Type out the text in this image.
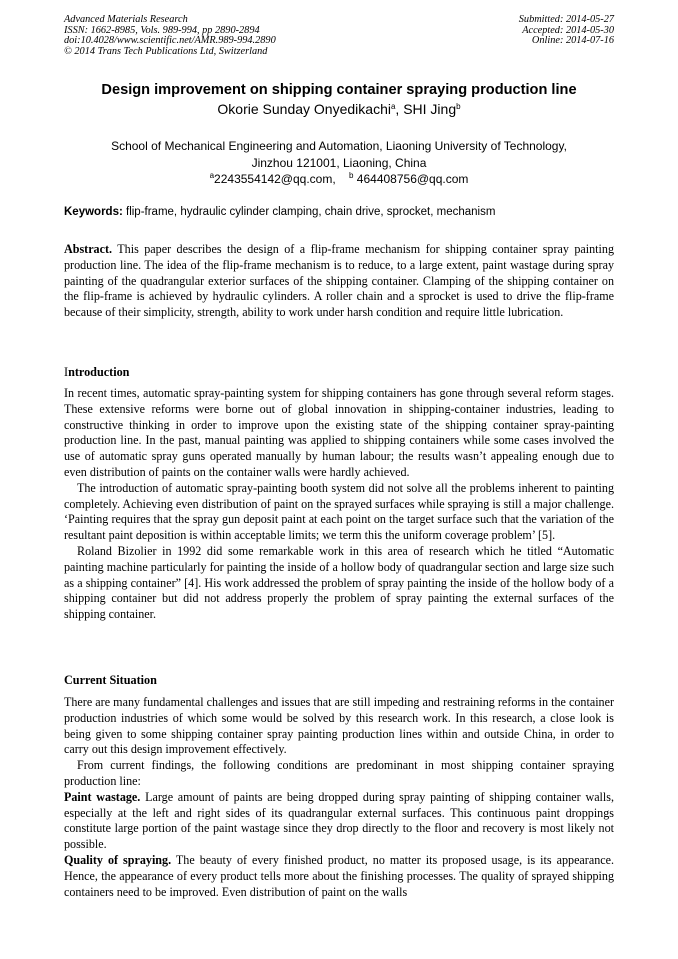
Advanced Materials Research
ISSN: 1662-8985, Vols. 989-994, pp 2890-2894
doi:10.4028/www.scientific.net/AMR.989-994.2890
© 2014 Trans Tech Publications Ltd, Switzerland
Submitted: 2014-05-27
Accepted: 2014-05-30
Online: 2014-07-16
Design improvement on shipping container spraying production line
Okorie Sunday Onyedikachi$^a$, SHI Jing$^b$
School of Mechanical Engineering and Automation, Liaoning University of Technology,
Jinzhou 121001, Liaoning, China
$^a$2243554142@qq.com, $^b$ 464408756@qq.com
Keywords: flip-frame, hydraulic cylinder clamping, chain drive, sprocket, mechanism

Abstract. This paper describes the design of a flip-frame mechanism for shipping container spray painting production line. The idea of the flip-frame mechanism is to reduce, to a large extent, paint wastage during spray painting of the quadrangular exterior surfaces of the shipping container. Clamping of the shipping container on the flip-frame is achieved by hydraulic cylinders. A roller chain and a sprocket is used to drive the flip-frame because of their simplicity, strength, ability to work under harsh condition and require little lubrication.

Introduction

In recent times, automatic spray-painting system for shipping containers has gone through several reform stages. These extensive reforms were borne out of global innovation in shipping-container industries, leading to constructive thinking in order to improve upon the existing state of the shipping container spray-painting production line. In the past, manual painting was applied to shipping containers while some cases involved the use of automatic spray guns operated manually by human labour; the results wasn’t appealing enough due to even distribution of paints on the container walls were hardly achieved.

The introduction of automatic spray-painting booth system did not solve all the problems inherent to painting completely. Achieving even distribution of paint on the sprayed surfaces while spraying is still a major challenge. ‘Painting requires that the spray gun deposit paint at each point on the target surface such that the variation of the resultant paint deposition is within acceptable limits; we term this the uniform coverage problem’ [5].

Roland Bizolier in 1992 did some remarkable work in this area of research which he titled “Automatic painting machine particularly for painting the inside of a hollow body of quadrangular section and large size such as a shipping container” [4]. His work addressed the problem of spray painting the inside of the hollow body of a shipping container but did not address properly the problem of spray painting the external surfaces of the shipping container.

Current Situation

There are many fundamental challenges and issues that are still impeding and restraining reforms in the container production industries of which some would be solved by this research work. In this research, a close look is being given to some shipping container spray painting production lines within and outside China, in order to carry out this design improvement effectively.

From current findings, the following conditions are predominant in most shipping container spraying production line:

Paint wastage. Large amount of paints are being dropped during spray painting of shipping container walls, especially at the left and right sides of its quadrangular external surfaces. This continuous paint droppings constitute large portion of the paint wastage since they drop directly to the floor and recovery is most likely not possible.

Quality of spraying. The beauty of every finished product, no matter its proposed usage, is its appearance. Hence, the appearance of every product tells more about the finishing processes. The quality of sprayed shipping containers need to be improved. Even distribution of paint on the walls
